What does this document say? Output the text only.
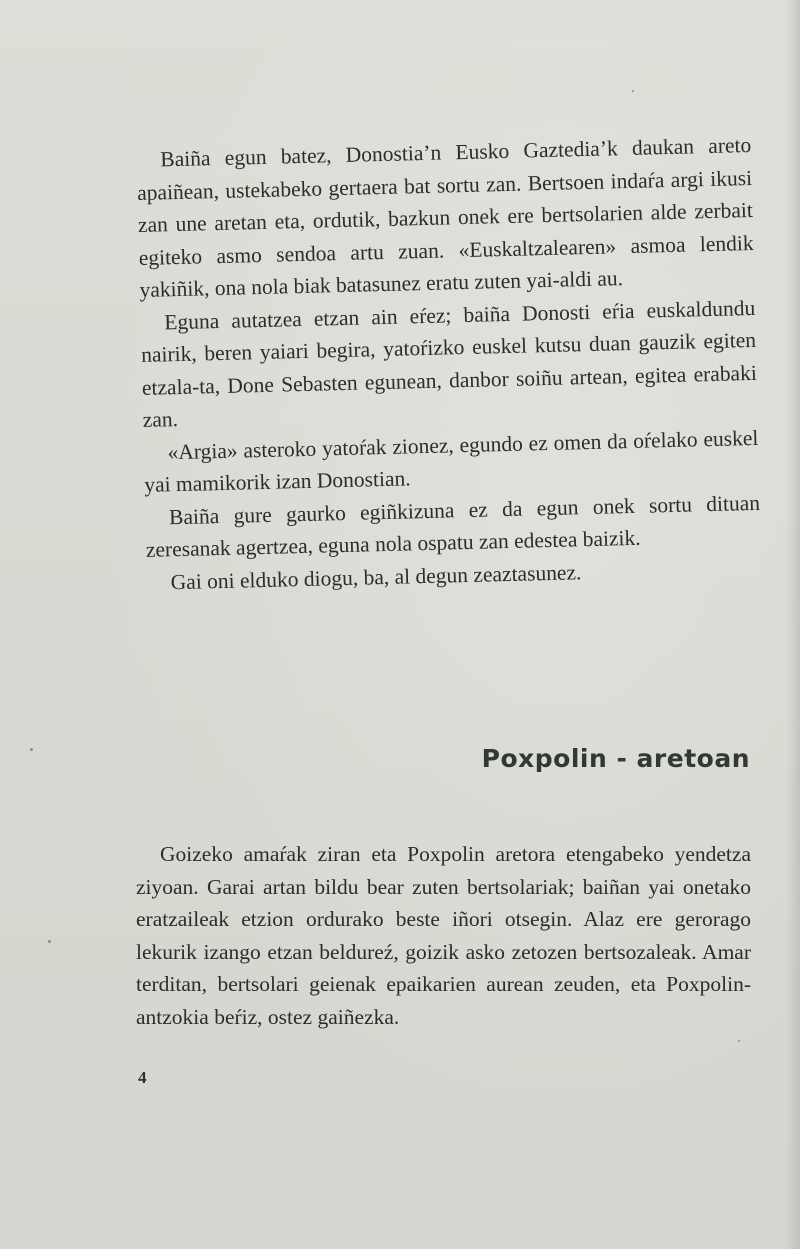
Baiña egun batez, Donostia’n Eusko Gaztedia’k daukan areto apaiñean, ustekabeko gertaera bat sortu zan. Bertsoen indaŕa argi ikusi zan une aretan eta, ordutik, bazkun onek ere bertsolarien alde zerbait egiteko asmo sendoa artu zuan. «Euskaltzalearen» asmoa lendik yakiñik, ona nola biak batasunez eratu zuten yai-aldi au.

Eguna autatzea etzan ain eŕez; baiña Donosti eŕia euskaldundu nairik, beren yaiari begira, yatoŕizko euskel kutsu duan gauzik egiten etzala-ta, Done Sebasten egunean, danbor soiñu artean, egitea erabaki zan.

«Argia» asteroko yatoŕak zionez, egundo ez omen da oŕelako euskel yai mamikorik izan Donostian.

Baiña gure gaurko egiñkizuna ez da egun onek sortu dituan zeresanak agertzea, eguna nola ospatu zan edestea baizik.

Gai oni elduko diogu, ba, al degun zeaztasunez.

Poxpolin - aretoan

Goizeko amaŕak ziran eta Poxpolin aretora etengabeko yendetza ziyoan. Garai artan bildu bear zuten bertsolariak; baiñan yai onetako eratzaileak etzion ordurako beste iñori otsegin. Alaz ere gerorago lekurik izango etzan beldureź, goizik asko zetozen bertsozaleak. Amar terditan, bertsolari geienak epaikarien aurean zeuden, eta Poxpolin-antzokia beŕiz, ostez gaiñezka.

4
